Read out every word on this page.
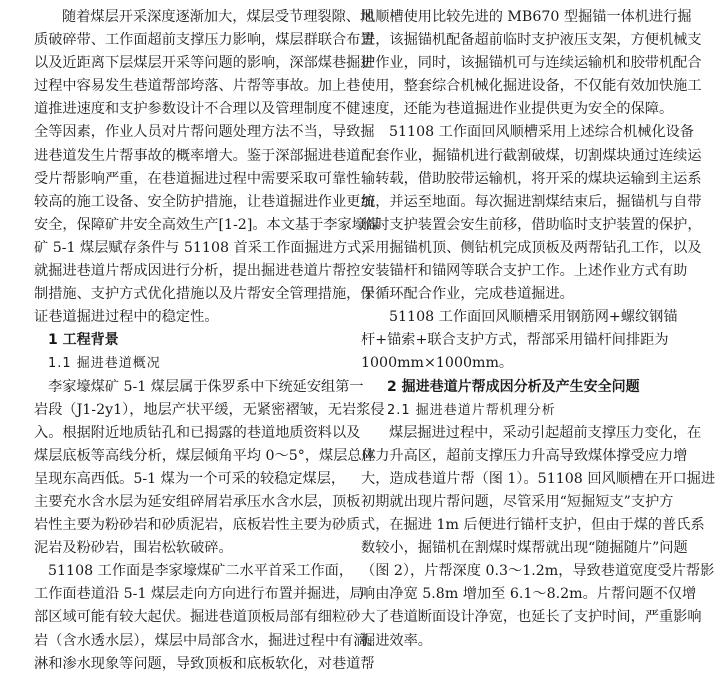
随着煤层开采深度逐渐加大，煤层受节理裂隙、地
质破碎带、工作面超前支撑压力影响，煤层群联合布置
以及近距离下层煤层开采等问题的影响，深部煤巷掘进
过程中容易发生巷道帮部垮落、片帮等事故。加上巷
道推进速度和支护参数设计不合理以及管理制度不健
全等因素，作业人员对片帮问题处理方法不当，导致掘
进巷道发生片帮事故的概率增大。鉴于深部掘进巷道
受片帮影响严重，在巷道掘进过程中需要采取可靠性
较高的施工设备、安全防护措施，让巷道掘进作业更加
安全，保障矿井安全高效生产[1-2]。本文基于李家壕煤
矿 5-1 煤层赋存条件与 51108 首采工作面掘进方式，
就掘进巷道片帮成因进行分析，提出掘进巷道片帮控
制措施、支护方式优化措施以及片帮安全管理措施，保
证巷道掘进过程中的稳定性。
1 工程背景
1.1 掘进巷道概况
李家壕煤矿 5-1 煤层属于侏罗系中下统延安组第一
岩段（J1-2y1），地层产状平缓，无紧密褶皱，无岩浆侵
入。根据附近地质钻孔和已揭露的巷道地质资料以及
煤层底板等高线分析，煤层倾角平均 0～5°，煤层总体
呈现东高西低。5-1 煤为一个可采的较稳定煤层，
主要充水含水层为延安组碎屑岩承压水含水层，顶板
岩性主要为粉砂岩和砂质泥岩，底板岩性主要为砂质
泥岩及粉砂岩，围岩松软破碎。
51108 工作面是李家壕煤矿二水平首采工作面，
工作面巷道沿 5-1 煤层走向方向进行布置并掘进，局
部区域可能有较大起伏。掘进巷道顶板局部有细粒砂
岩（含水透水层），煤层中局部含水，掘进过程中有滴、
淋和渗水现象等问题，导致顶板和底板软化，对巷道帮
风顺槽使用比较先进的 MB670 型掘锚一体机进行掘
进，该掘锚机配备超前临时支护液压支架，方便机械支
护作业，同时，该掘锚机可与连续运输机和胶带机配合
使用，整套综合机械化掘进设备，不仅能有效加快施工
速度，还能为巷道掘进作业提供更为安全的保障。
51108 工作面回风顺槽采用上述综合机械化设备
配套作业，掘锚机进行截割破煤，切割煤块通过连续运
输转载，借助胶带运输机，将开采的煤块运输到主运系
统，并运至地面。每次掘进割煤结束后，掘锚机与自带
临时支护装置会安生前移，借助临时支护装置的保护，
采用掘锚机顶、侧钻机完成顶板及两帮钻孔工作，以及
安装锚杆和锚网等联合支护工作。上述作业方式有助
于循环配合作业，完成巷道掘进。
51108 工作面回风顺槽采用钢筋网+螺纹钢锚
杆+锚索+联合支护方式，帮部采用锚杆间排距为
1000mm×1000mm。
2 掘进巷道片帮成因分析及产生安全问题
2.1 掘进巷道片帮机理分析
煤层掘进过程中，采动引起超前支撑压力变化，在
应力升高区，超前支撑压力升高导致煤体撑受应力增
大，造成巷道片帮（图 1）。51108 回风顺槽在开口掘进
初期就出现片帮问题，尽管采用“短掘短支”支护方
式，在掘进 1m 后便进行锚杆支护，但由于煤的普氏系
数较小，掘锚机在割煤时煤帮就出现“随掘随片”问题
（图 2），片帮深度 0.3～1.2m，导致巷道宽度受片帮影
响由净宽 5.8m 增加至 6.1～8.2m。片帮问题不仅增
大了巷道断面设计净宽，也延长了支护时间，严重影响
掘进效率。
